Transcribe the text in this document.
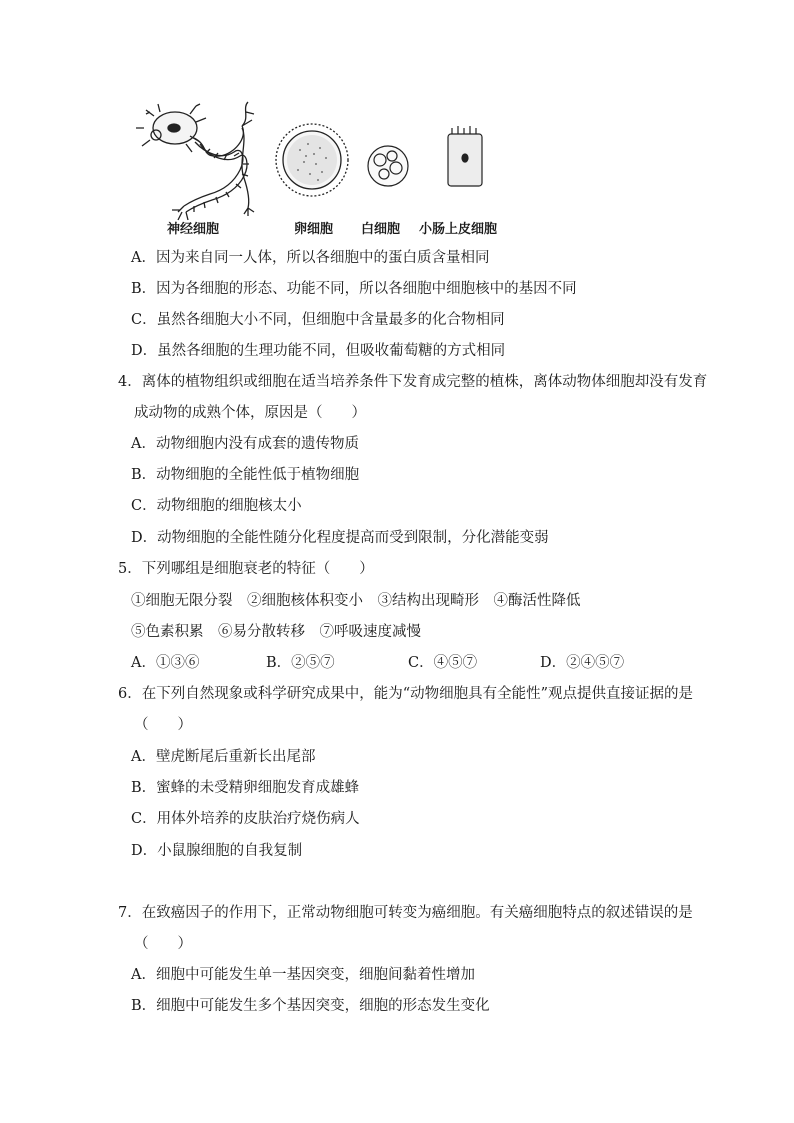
神经细胞	卵细胞 白细胞 小肠上皮细胞
A．因为来自同一人体，所以各细胞中的蛋白质含量相同
B．因为各细胞的形态、功能不同，所以各细胞中细胞核中的基因不同
C．虽然各细胞大小不同，但细胞中含量最多的化合物相同
D．虽然各细胞的生理功能不同，但吸收葡萄糖的方式相同
4．离体的植物组织或细胞在适当培养条件下发育成完整的植株，离体动物体细胞却没有发育
成动物的成熟个体，原因是（　　）
A．动物细胞内没有成套的遗传物质
B．动物细胞的全能性低于植物细胞
C．动物细胞的细胞核太小
D．动物细胞的全能性随分化程度提高而受到限制，分化潜能变弱
5．下列哪组是细胞衰老的特征（　　）
①细胞无限分裂　②细胞核体积变小　③结构出现畸形　④酶活性降低
⑤色素积累　⑥易分散转移　⑦呼吸速度减慢
A．①③⑥	B．②⑤⑦	C．④⑤⑦	D．②④⑤⑦
6．在下列自然现象或科学研究成果中，能为“动物细胞具有全能性”观点提供直接证据的是
（　　）
A．壁虎断尾后重新长出尾部
B．蜜蜂的未受精卵细胞发育成雄蜂
C．用体外培养的皮肤治疗烧伤病人
D．小鼠腺细胞的自我复制
7．在致癌因子的作用下，正常动物细胞可转变为癌细胞。有关癌细胞特点的叙述错误的是
（　　）
A．细胞中可能发生单一基因突变，细胞间黏着性增加
B．细胞中可能发生多个基因突变，细胞的形态发生变化
